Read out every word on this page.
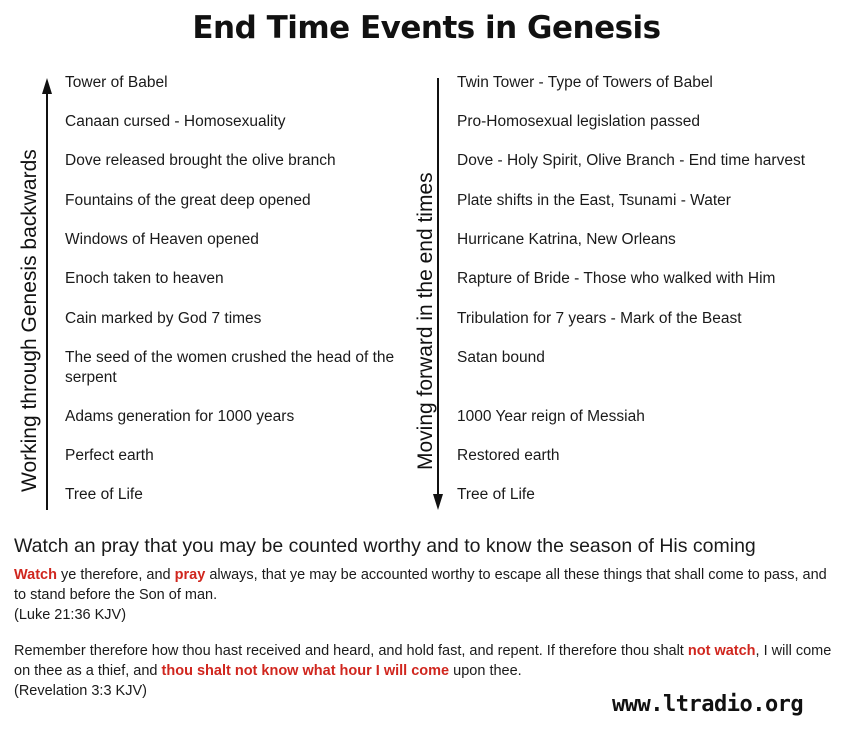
End Time Events in Genesis
Working through Genesis backwards	Moving forward in the end times
Tower of Babel
Canaan cursed - Homosexuality
Dove released brought the olive branch
Fountains of the great deep opened
Windows of Heaven opened
Enoch taken to heaven
Cain marked by God 7 times
The seed of the women crushed the head of the serpent
Adams generation for 1000 years
Perfect earth
Tree of Life
Twin Tower - Type of Towers of Babel
Pro-Homosexual legislation passed
Dove - Holy Spirit, Olive Branch - End time harvest
Plate shifts in the East, Tsunami - Water
Hurricane Katrina, New Orleans
Rapture of Bride - Those who walked with Him
Tribulation for 7 years - Mark of the Beast
Satan bound
1000 Year reign of Messiah
Restored earth
Tree of Life
Watch an pray that you may be counted worthy and to know the season of His coming

Watch ye therefore, and pray always, that ye may be accounted worthy to escape all these things that shall come to pass, and to stand before the Son of man.
(Luke 21:36 KJV)

Remember therefore how thou hast received and heard, and hold fast, and repent. If therefore thou shalt not watch, I will come on thee as a thief, and thou shalt not know what hour I will come upon thee.
(Revelation 3:3 KJV)

www.ltradio.org
